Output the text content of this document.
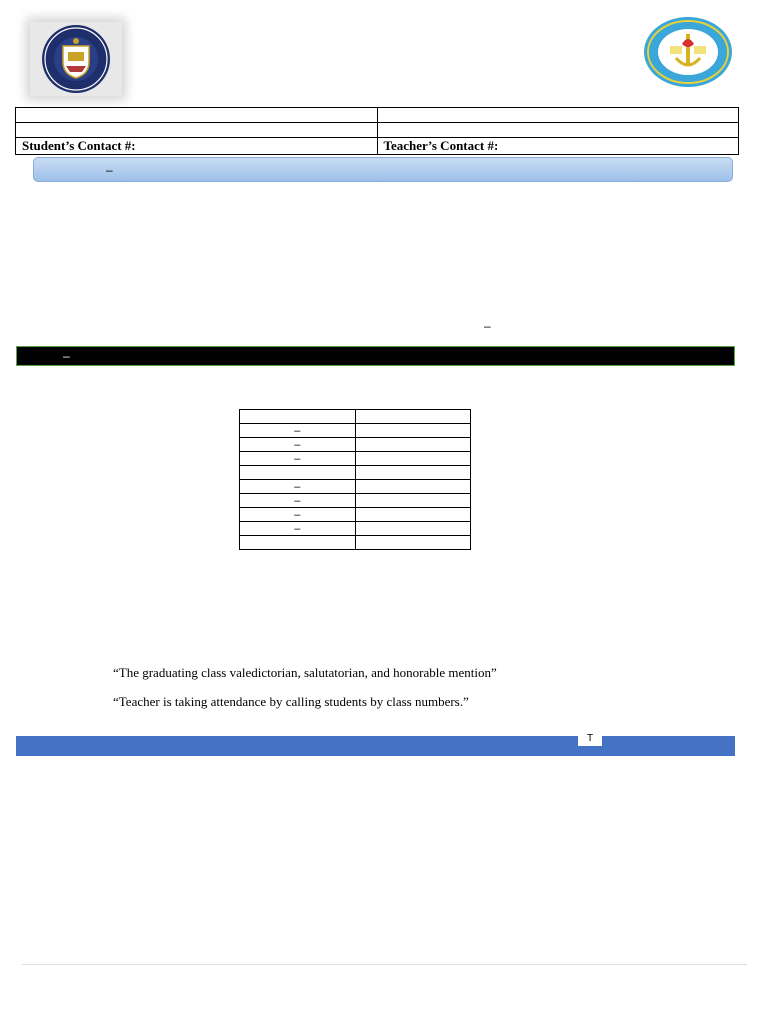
Student’s Contact #:	Teacher’s Contact #:
–
–
–

–	
–	
–	

–	
–	
–	
–	

“The graduating class valedictorian, salutatorian, and honorable mention”
“Teacher is taking attendance by calling students by class numbers.”
T
